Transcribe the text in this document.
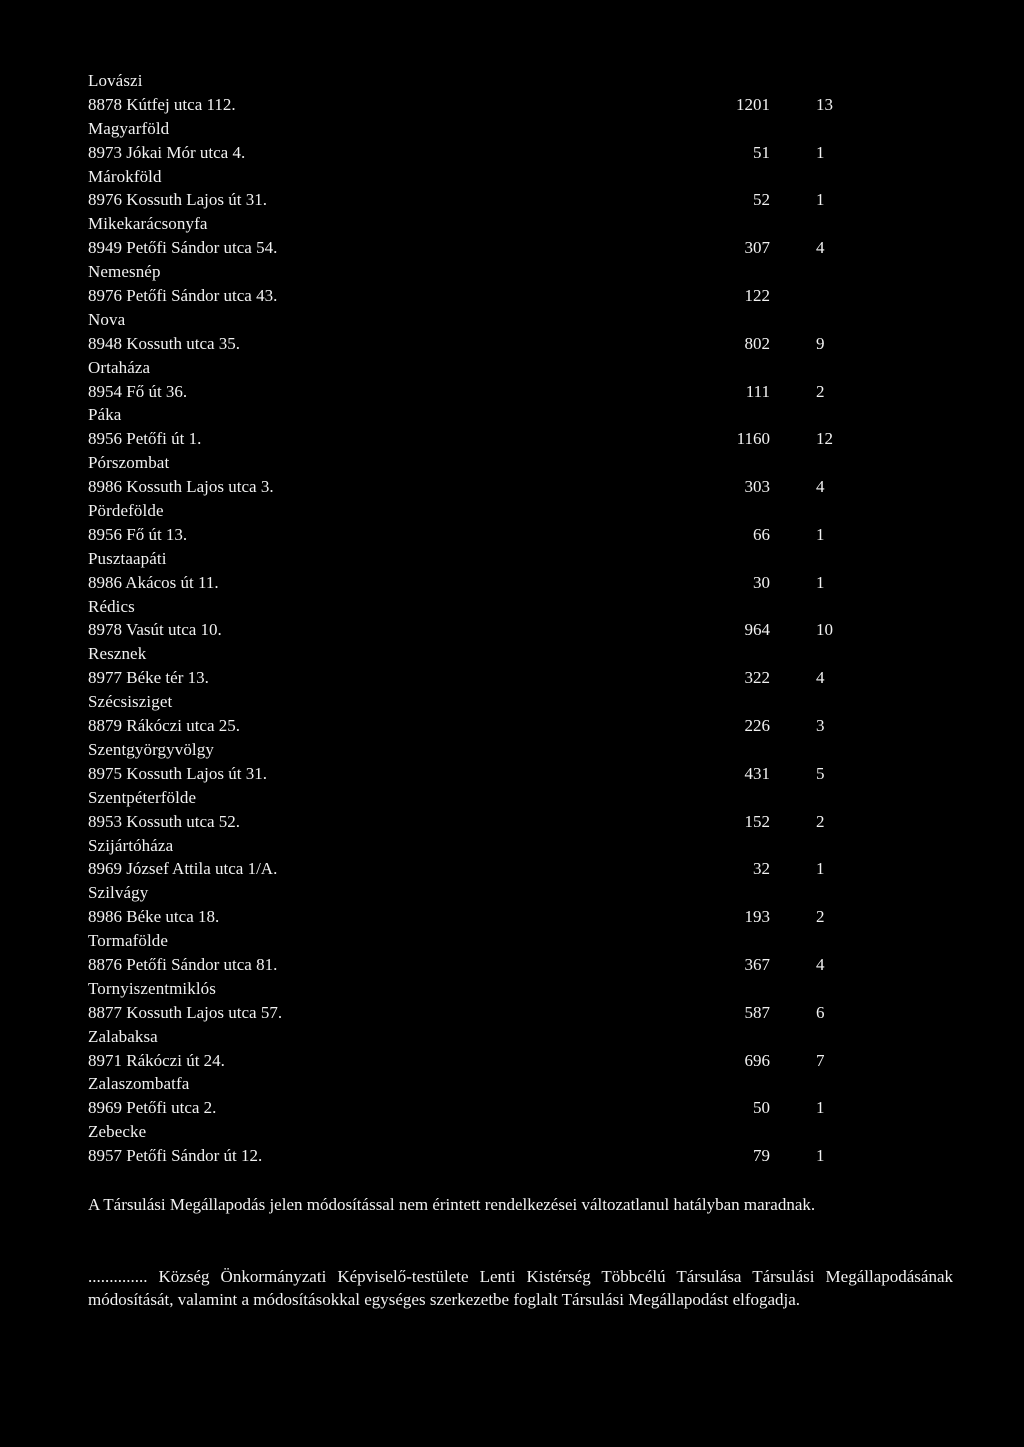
Lovászi
8878 Kútfej utca 112.	1201	13
Magyarföld
8973 Jókai Mór utca 4.	51	1
Márokföld
8976 Kossuth Lajos út 31.	52	1
Mikekarácsonyfa
8949 Petőfi Sándor utca 54.	307	4
Nemesnép
8976 Petőfi Sándor utca 43.	122
Nova
8948 Kossuth utca 35.	802	9
Ortaháza
8954 Fő út 36.	111	2
Páka
8956 Petőfi út 1.	1160	12
Pórszombat
8986 Kossuth Lajos utca 3.	303	4
Pördefölde
8956 Fő út 13.	66	1
Pusztaapáti
8986 Akácos út 11.	30	1
Rédics
8978 Vasút utca 10.	964	10
Resznek
8977 Béke tér 13.	322	4
Szécsisziget
8879 Rákóczi utca 25.	226	3
Szentgyörgyvölgy
8975 Kossuth Lajos út 31.	431	5
Szentpéterfölde
8953 Kossuth utca 52.	152	2
Szijártóháza
8969 József Attila utca 1/A.	32	1
Szilvágy
8986 Béke utca 18.	193	2
Tormafölde
8876 Petőfi Sándor utca 81.	367	4
Tornyiszentmiklós
8877 Kossuth Lajos utca 57.	587	6
Zalabaksa
8971 Rákóczi út 24.	696	7
Zalaszombatfa
8969 Petőfi utca 2.	50	1
Zebecke
8957 Petőfi Sándor út 12.	79	1
A Társulási Megállapodás jelen módosítással nem érintett rendelkezései változatlanul hatályban maradnak.
.............. Község Önkormányzati Képviselő-testülete Lenti Kistérség Többcélú Társulása Társulási Megállapodásának módosítását, valamint a módosításokkal egységes szerkezetbe foglalt Társulási Megállapodást elfogadja.
